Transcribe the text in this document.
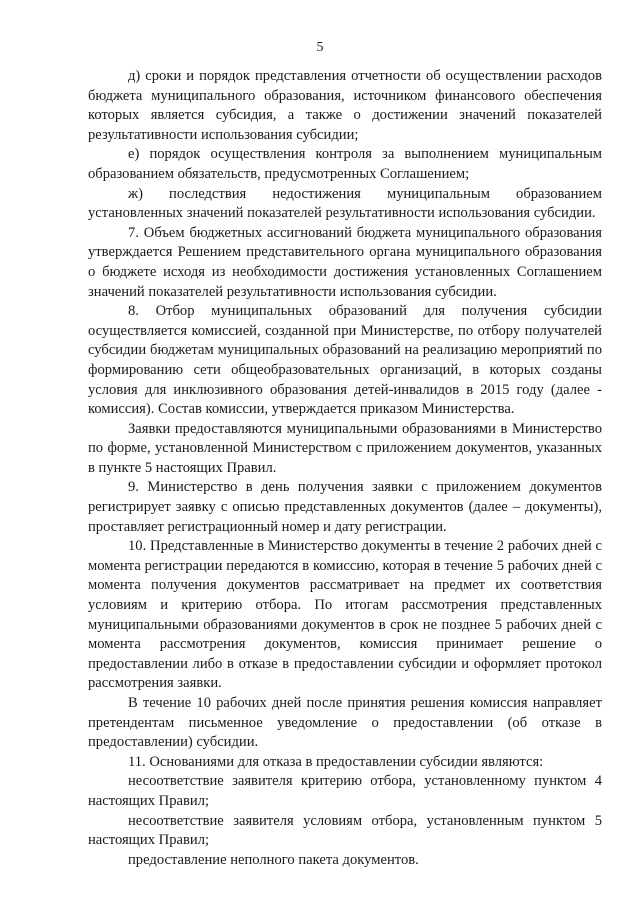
5

д) сроки и порядок представления отчетности об осуществлении расходов бюджета муниципального образования, источником финансового обеспечения которых является субсидия, а также о достижении значений показателей результативности использования субсидии;

е) порядок осуществления контроля за выполнением муниципальным образованием обязательств, предусмотренных Соглашением;

ж) последствия недостижения муниципальным образованием установленных значений показателей результативности использования субсидии.

7. Объем бюджетных ассигнований бюджета муниципального образования утверждается Решением представительного органа муниципального образования о бюджете исходя из необходимости достижения установленных Соглашением значений показателей результативности использования субсидии.

8. Отбор муниципальных образований для получения субсидии осуществляется комиссией, созданной при Министерстве, по отбору получателей субсидии бюджетам муниципальных образований на реализацию мероприятий по формированию сети общеобразовательных организаций, в которых созданы условия для инклюзивного образования детей-инвалидов в 2015 году (далее - комиссия). Состав комиссии, утверждается приказом Министерства.

Заявки предоставляются муниципальными образованиями в Министерство по форме, установленной Министерством с приложением документов, указанных в пункте 5 настоящих Правил.

9. Министерство в день получения заявки с приложением документов регистрирует заявку с описью представленных документов (далее – документы), проставляет регистрационный номер и дату регистрации.

10. Представленные в Министерство документы в течение 2 рабочих дней с момента регистрации передаются в комиссию, которая в течение 5 рабочих дней с момента получения документов рассматривает на предмет их соответствия условиям и критерию отбора. По итогам рассмотрения представленных муниципальными образованиями документов в срок не позднее 5 рабочих дней с момента рассмотрения документов, комиссия принимает решение о предоставлении либо в отказе в предоставлении субсидии и оформляет протокол рассмотрения заявки.

В течение 10 рабочих дней после принятия решения комиссия направляет претендентам письменное уведомление о предоставлении (об отказе в предоставлении) субсидии.

11. Основаниями для отказа в предоставлении субсидии являются:

несоответствие заявителя критерию отбора, установленному пунктом 4 настоящих Правил;

несоответствие заявителя условиям отбора, установленным пунктом 5 настоящих Правил;

предоставление неполного пакета документов.
